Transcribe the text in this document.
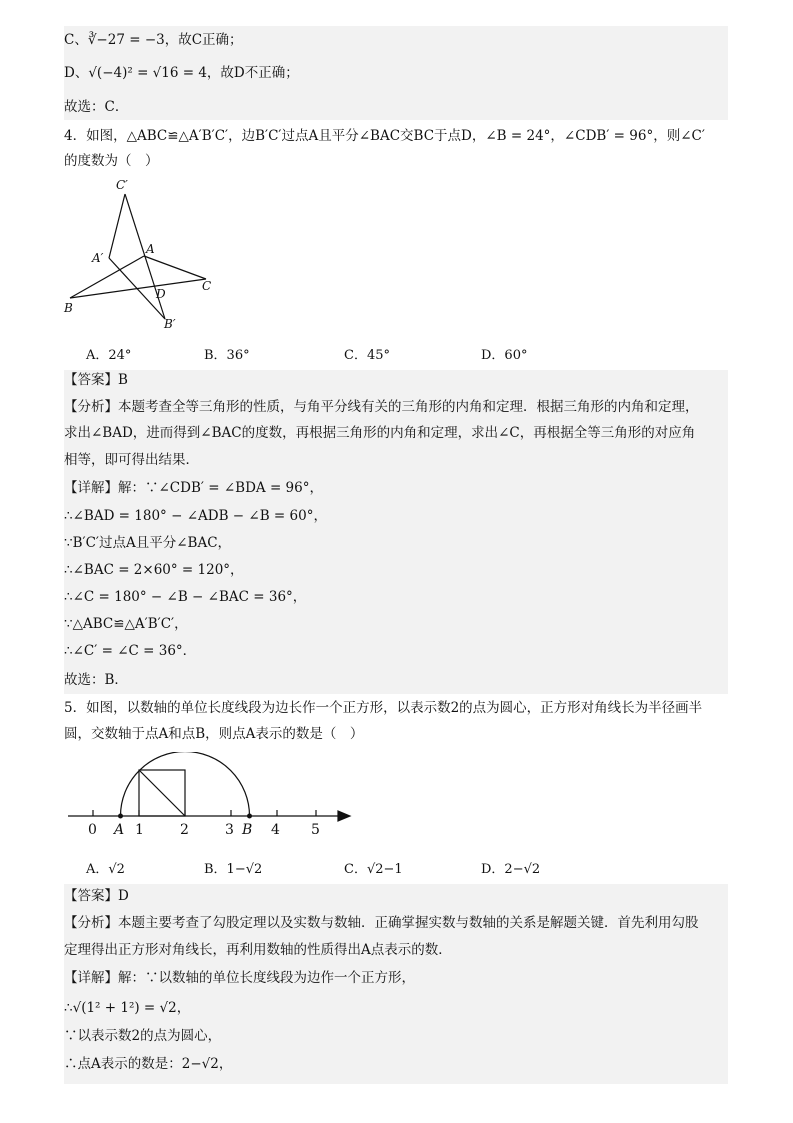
C、∛−27 = −3，故C正确；
D、√(−4)² = √16 = 4，故D不正确；
故选：C．
4．如图，△ABC≌△A′B′C′，边B′C′过点A且平分∠BAC交BC于点D，∠B = 24°，∠CDB′ = 96°，则∠C′
的度数为（　）
C′
A
A′
C
D
B
B′
A．24°	B．36°	C．45°	D．60°
【答案】B
【分析】本题考查全等三角形的性质，与角平分线有关的三角形的内角和定理．根据三角形的内角和定理，
求出∠BAD，进而得到∠BAC的度数，再根据三角形的内角和定理，求出∠C，再根据全等三角形的对应角
相等，即可得出结果．
【详解】解：∵∠CDB′ = ∠BDA = 96°，
∴∠BAD = 180° − ∠ADB − ∠B = 60°，
∵B′C′过点A且平分∠BAC，
∴∠BAC = 2×60° = 120°，
∴∠C = 180° − ∠B − ∠BAC = 36°，
∵△ABC≌△A′B′C′，
∴∠C′ = ∠C = 36°．
故选：B．
5．如图，以数轴的单位长度线段为边长作一个正方形，以表示数2的点为圆心，正方形对角线长为半径画半
圆，交数轴于点A和点B，则点A表示的数是（　）
0 A 1	2	3 B 4 5
A．√2	B．1−√2	C．√2−1	D．2−√2
【答案】D
【分析】本题主要考查了勾股定理以及实数与数轴．正确掌握实数与数轴的关系是解题关键．首先利用勾股
定理得出正方形对角线长，再利用数轴的性质得出A点表示的数．
【详解】解：∵以数轴的单位长度线段为边作一个正方形，
∴√(1² + 1²) = √2，
∵以表示数2的点为圆心，
∴点A表示的数是：2−√2，
